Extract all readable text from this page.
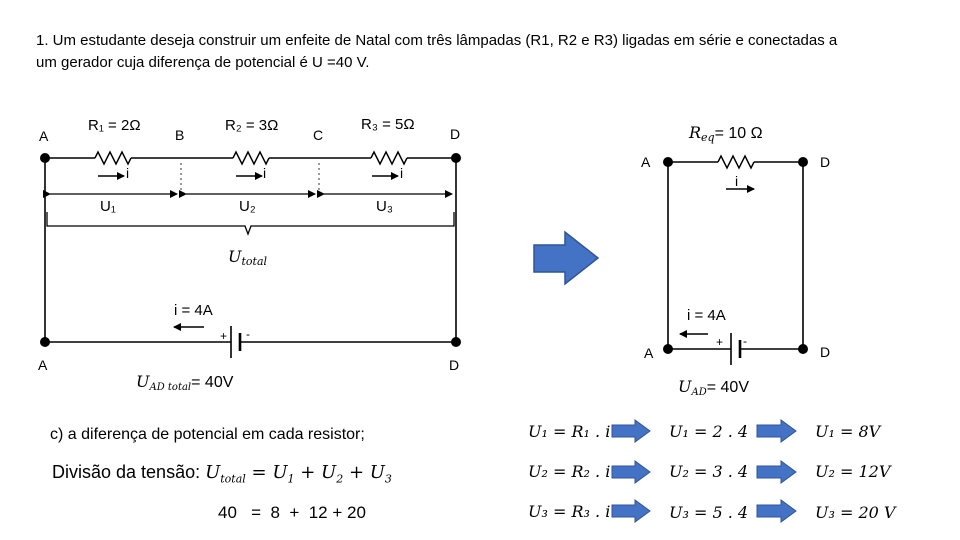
1. Um estudante deseja construir um enfeite de Natal com três lâmpadas (R1, R2 e R3) ligadas em série e conectadas a
um gerador cuja diferença de potencial é U =40 V.
A	B	C	D
A	D
R₁ = 2Ω	R₂ = 3Ω	R₃ = 5Ω
i	i	i
U₁	U₂	U₃
Utotal
i = 4A
+ -
UAD total= 40V
Req= 10 Ω
A	D
A	D
i
i = 4A
+ -
UAD= 40V
c) a diferença de potencial em cada resistor;
Divisão da tensão: $U_{total} = U_1 + U_2 + U_3$
40   =  8  +  12 + 20
U₁ = R₁ . i	U₁ = 2 . 4	U₁ = 8V
U₂ = R₂ . i	U₂ = 3 . 4	U₂ = 12V
U₃ = R₃ . i	U₃ = 5 . 4	U₃ = 20 V
